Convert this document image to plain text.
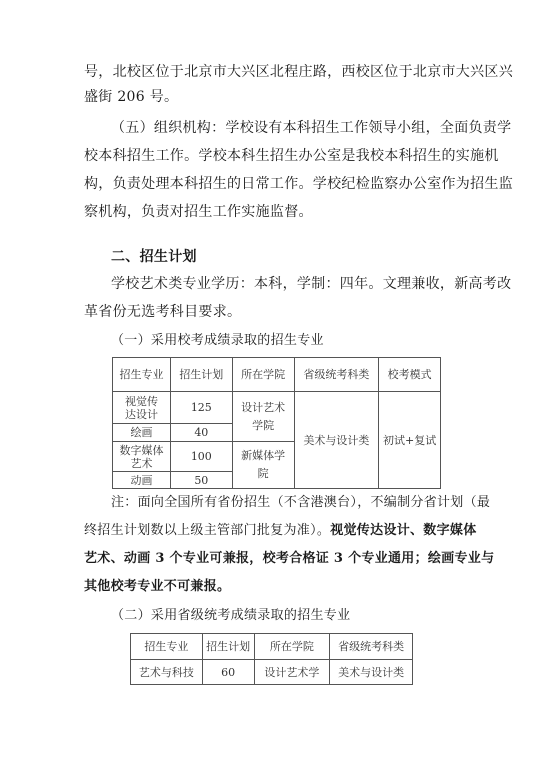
号，北校区位于北京市大兴区北程庄路，西校区位于北京市大兴区兴
盛街 206 号。
（五）组织机构：学校设有本科招生工作领导小组，全面负责学
校本科招生工作。学校本科生招生办公室是我校本科招生的实施机
构，负责处理本科招生的日常工作。学校纪检监察办公室作为招生监
察机构，负责对招生工作实施监督。
二、招生计划
学校艺术类专业学历：本科，学制：四年。文理兼收，新高考改
革省份无选考科目要求。
（一）采用校考成绩录取的招生专业
招生专业	招生计划	所在学院	省级统考科类	校考模式

视觉传达设计	125	设计艺术学院	美术与设计类	初试+复试
绘画	40			

数字媒体艺术	100	新媒体学院		

动画	50			
注：面向全国所有省份招生（不含港澳台），不编制分省计划（最
终招生计划数以上级主管部门批复为准）。视觉传达设计、数字媒体
艺术、动画 3 个专业可兼报，校考合格证 3 个专业通用；绘画专业与
其他校考专业不可兼报。
（二）采用省级统考成绩录取的招生专业
招生专业	招生计划	所在学院	省级统考科类
艺术与科技	60	设计艺术学	美术与设计类
